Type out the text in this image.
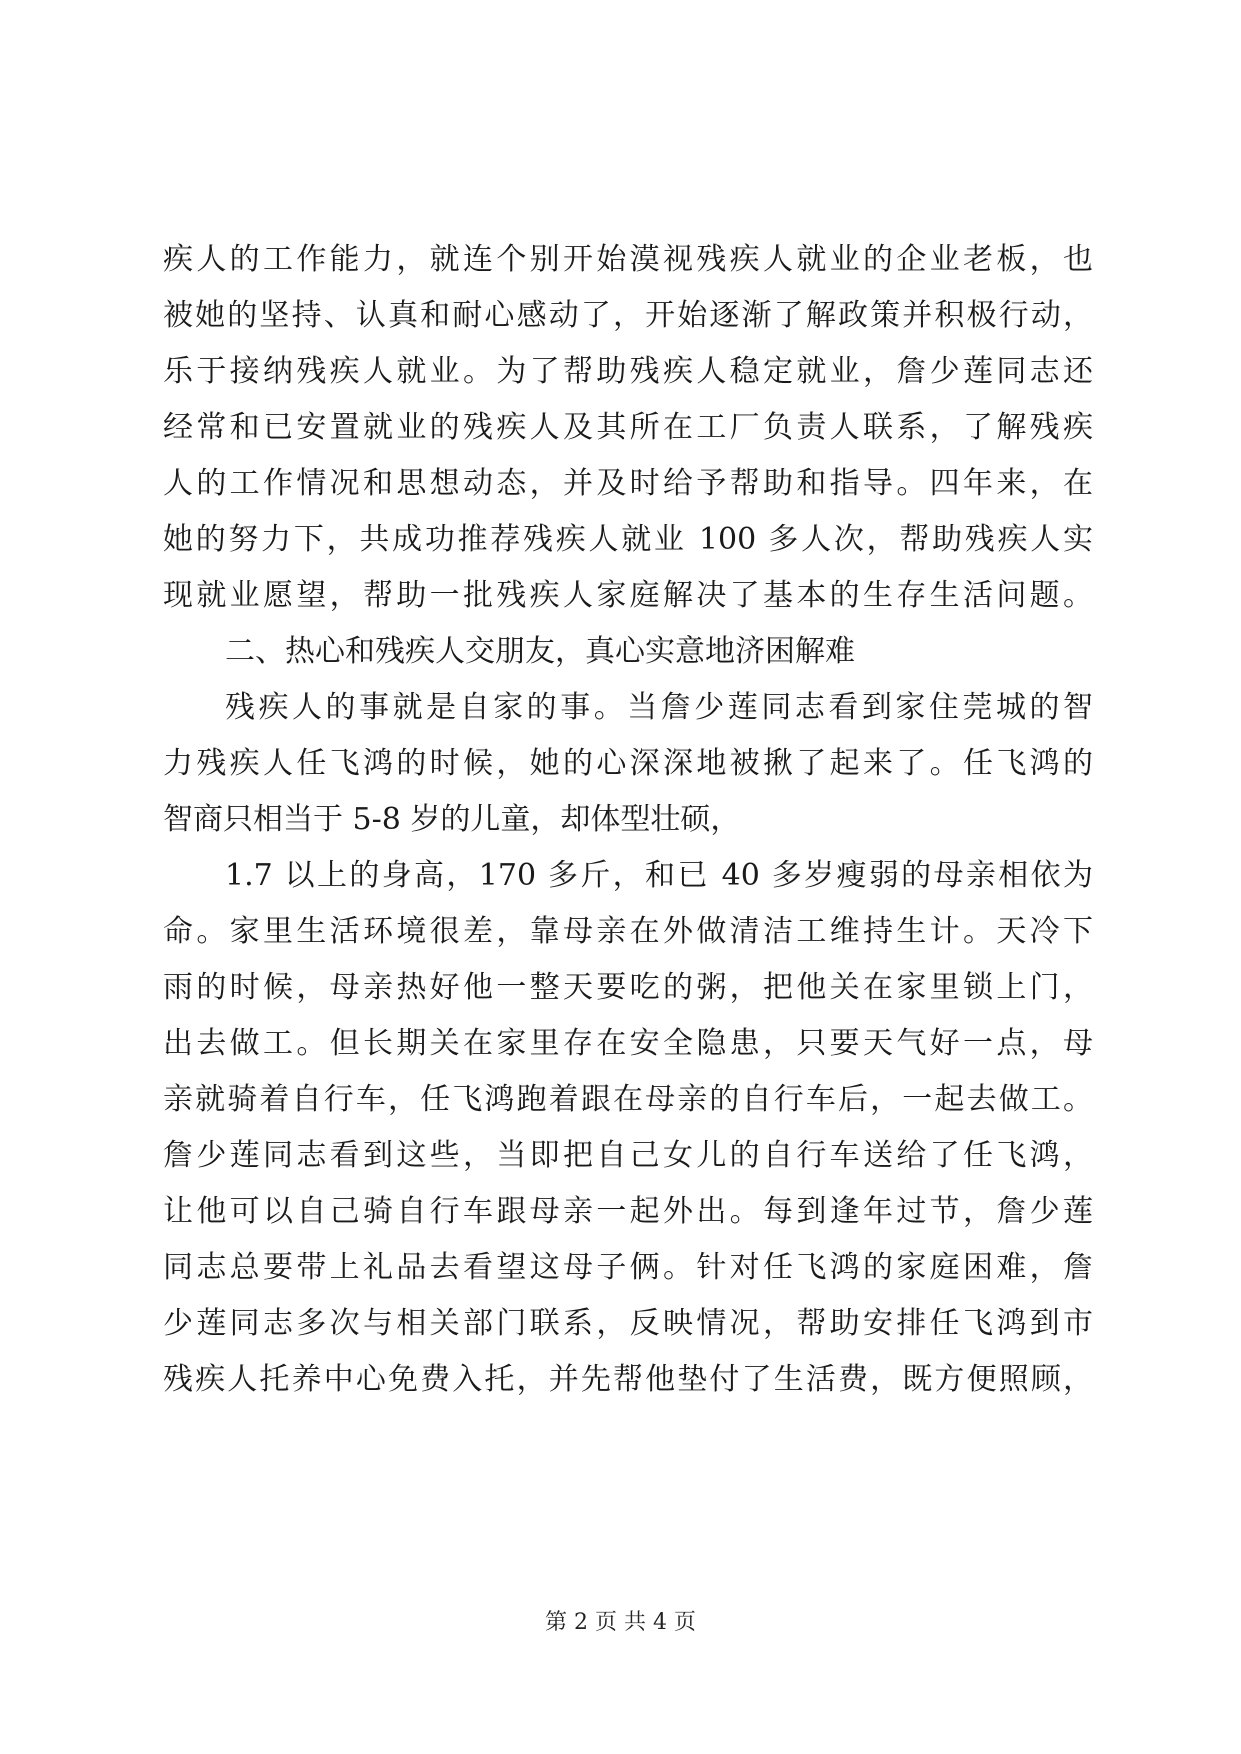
疾人的工作能力，就连个别开始漠视残疾人就业的企业老板，也
被她的坚持、认真和耐心感动了，开始逐渐了解政策并积极行动，
乐于接纳残疾人就业。为了帮助残疾人稳定就业，詹少莲同志还
经常和已安置就业的残疾人及其所在工厂负责人联系，了解残疾
人的工作情况和思想动态，并及时给予帮助和指导。四年来，在
她的努力下，共成功推荐残疾人就业 100 多人次，帮助残疾人实
现就业愿望，帮助一批残疾人家庭解决了基本的生存生活问题。
二、热心和残疾人交朋友，真心实意地济困解难
残疾人的事就是自家的事。当詹少莲同志看到家住莞城的智
力残疾人任飞鸿的时候，她的心深深地被揪了起来了。任飞鸿的
智商只相当于 5-8 岁的儿童，却体型壮硕，
1.7 以上的身高，170 多斤，和已 40 多岁瘦弱的母亲相依为
命。家里生活环境很差，靠母亲在外做清洁工维持生计。天冷下
雨的时候，母亲热好他一整天要吃的粥，把他关在家里锁上门，
出去做工。但长期关在家里存在安全隐患，只要天气好一点，母
亲就骑着自行车，任飞鸿跑着跟在母亲的自行车后，一起去做工。
詹少莲同志看到这些，当即把自己女儿的自行车送给了任飞鸿，
让他可以自己骑自行车跟母亲一起外出。每到逢年过节，詹少莲
同志总要带上礼品去看望这母子俩。针对任飞鸿的家庭困难，詹
少莲同志多次与相关部门联系，反映情况，帮助安排任飞鸿到市
残疾人托养中心免费入托，并先帮他垫付了生活费，既方便照顾，
第 2 页 共 4 页
